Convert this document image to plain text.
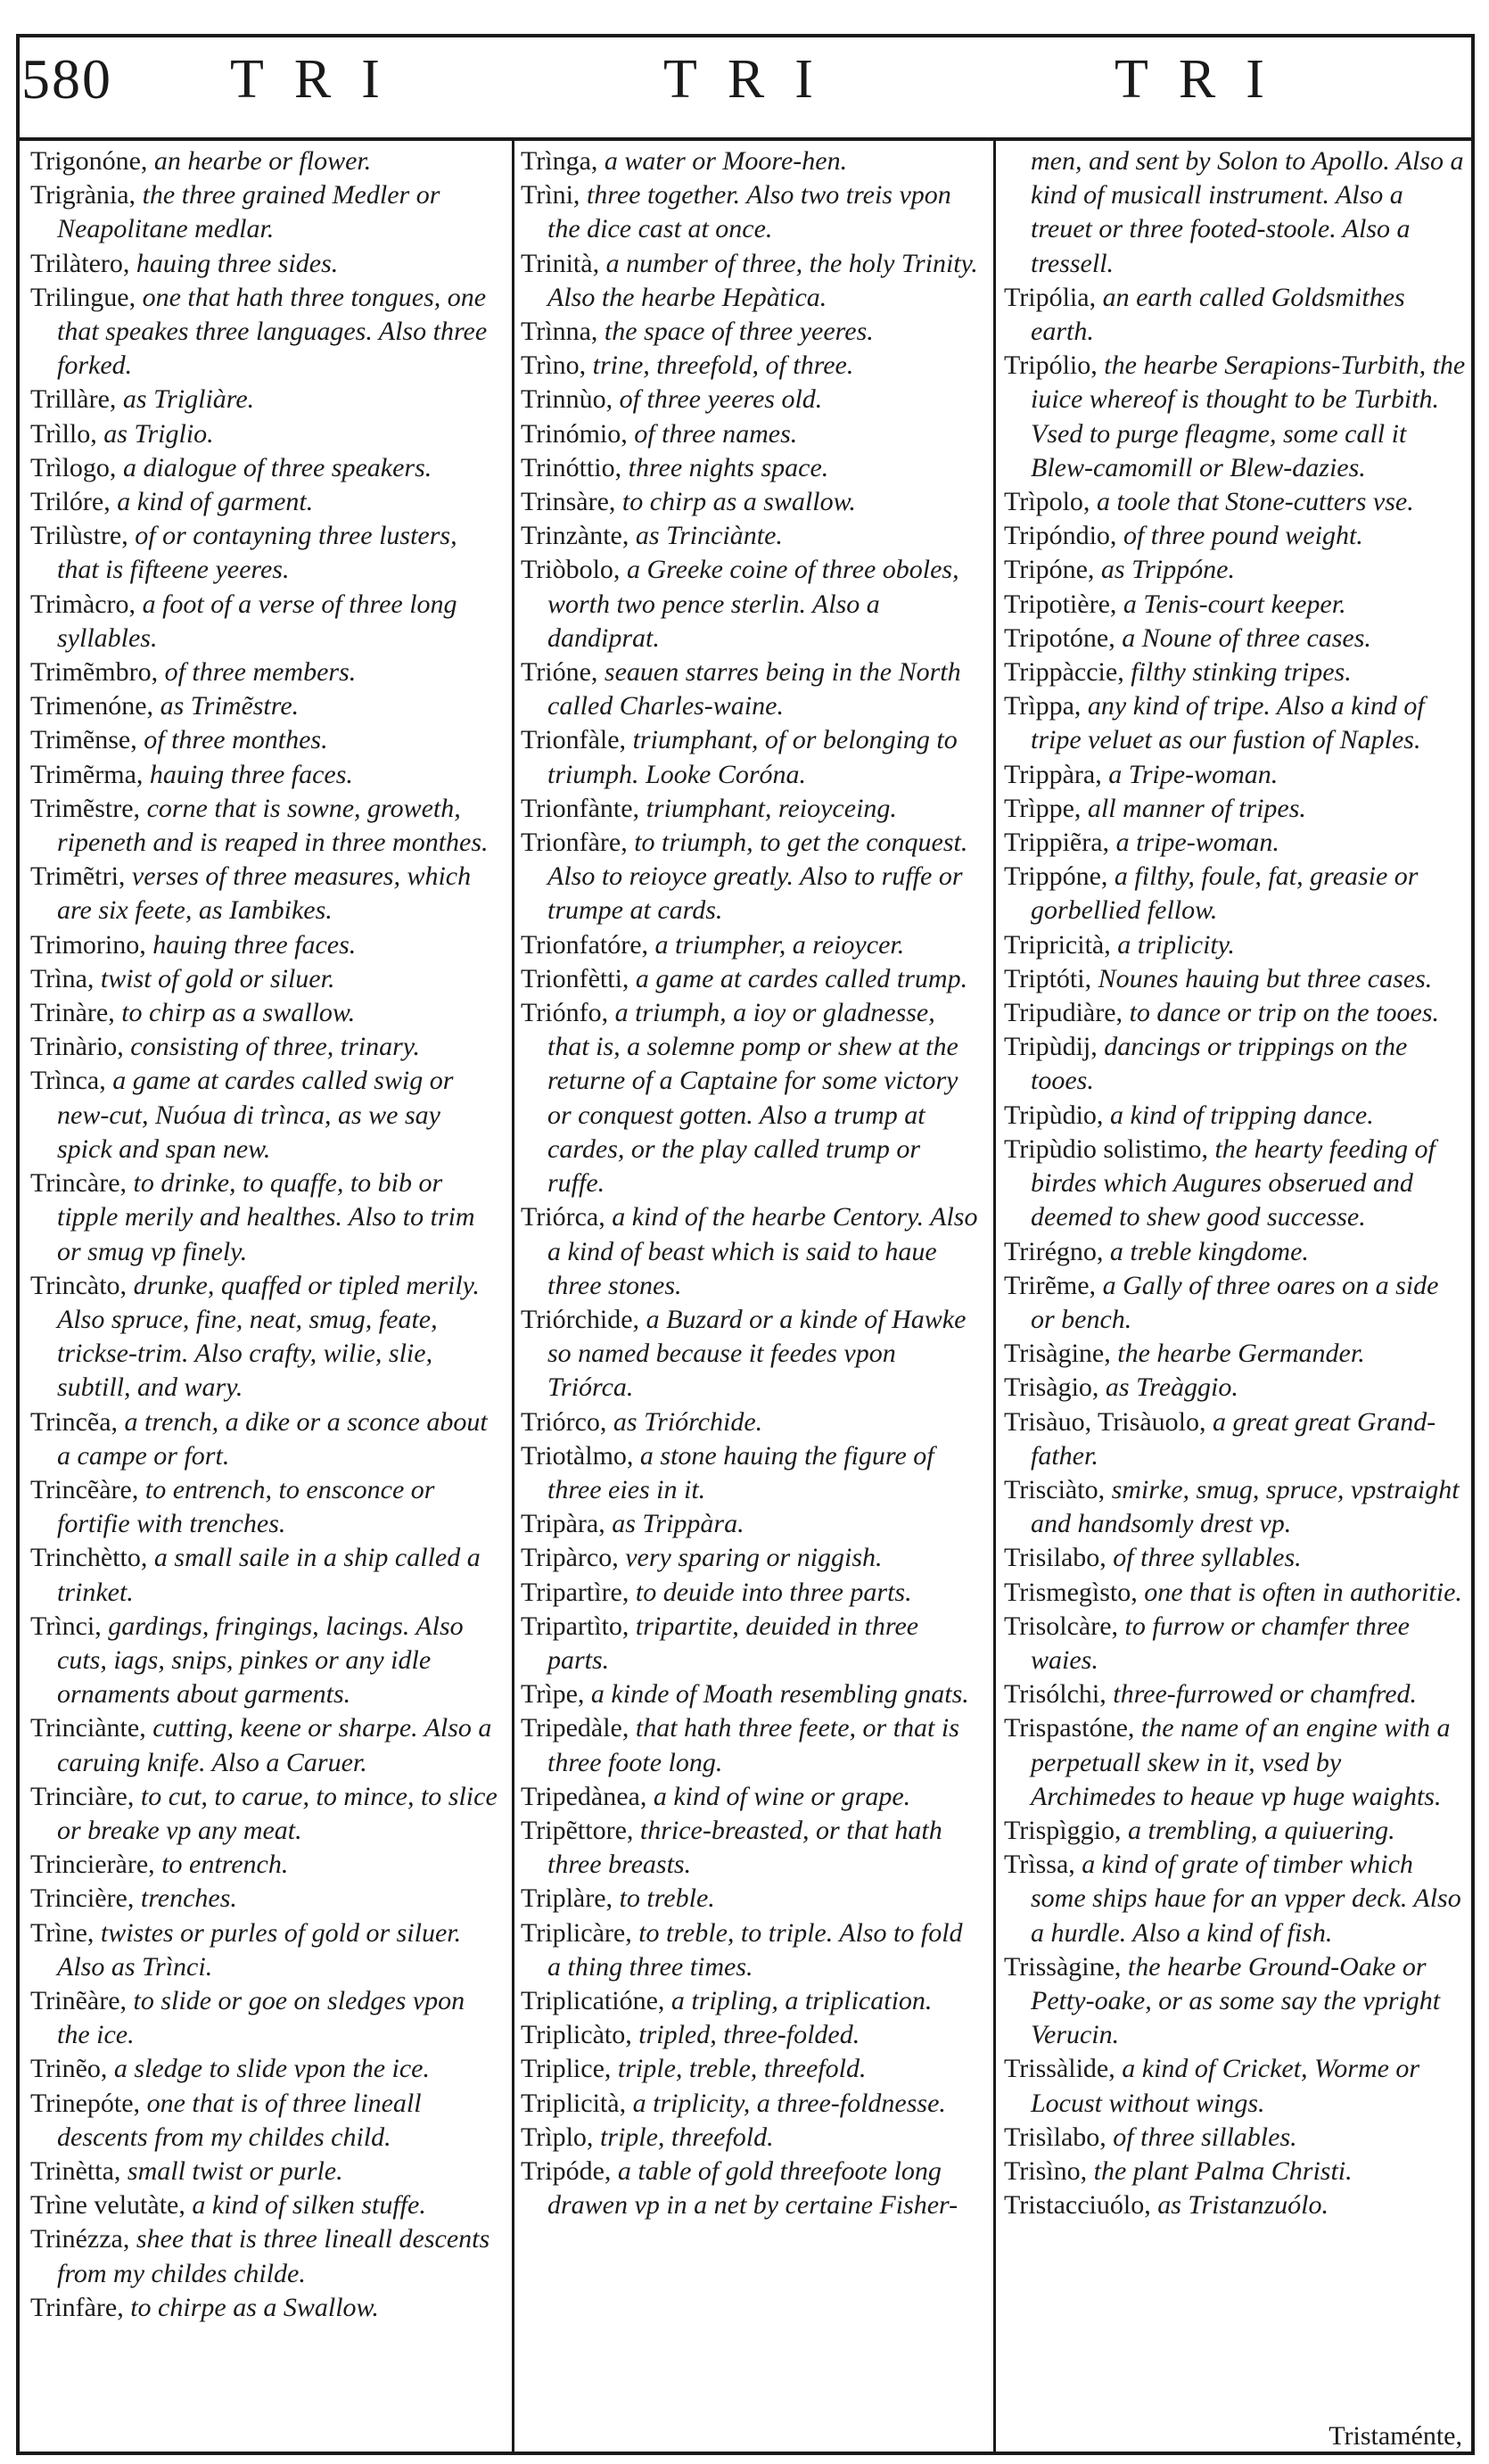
580 TRI	TRI	TRI

Trigonóne, an hearbe or flower.

Trigrània, the three grained Medler or Neapolitane medlar.

Trilàtero, hauing three sides.

Trilingue, one that hath three tongues, one that speakes three languages. Also three forked.

Trillàre, as Trigliàre.

Trìllo, as Triglio.

Trìlogo, a dialogue of three speakers.

Trilóre, a kind of garment.

Trilùstre, of or contayning three lusters, that is fifteene yeeres.

Trimàcro, a foot of a verse of three long syllables.

Trimẽmbro, of three members.

Trimenóne, as Trimẽstre.

Trimẽnse, of three monthes.

Trimẽrma, hauing three faces.

Trimẽstre, corne that is sowne, groweth, ripeneth and is reaped in three monthes.

Trimẽtri, verses of three measures, which are six feete, as Iambikes.

Trimorino, hauing three faces.

Trìna, twist of gold or siluer.

Trinàre, to chirp as a swallow.

Trinàrio, consisting of three, trinary.

Trìnca, a game at cardes called swig or new-cut, Nuóua di trìnca, as we say spick and span new.

Trincàre, to drinke, to quaffe, to bib or tipple merily and healthes. Also to trim or smug vp finely.

Trincàto, drunke, quaffed or tipled merily. Also spruce, fine, neat, smug, feate, trickse-trim. Also crafty, wilie, slie, subtill, and wary.

Trincẽa, a trench, a dike or a sconce about a campe or fort.

Trincẽàre, to entrench, to ensconce or fortifie with trenches.

Trinchètto, a small saile in a ship called a trinket.

Trìnci, gardings, fringings, lacings. Also cuts, iags, snips, pinkes or any idle ornaments about garments.

Trinciànte, cutting, keene or sharpe. Also a caruing knife. Also a Caruer.

Trinciàre, to cut, to carue, to mince, to slice or breake vp any meat.

Trincieràre, to entrench.

Trincière, trenches.

Trìne, twistes or purles of gold or siluer. Also as Trìnci.

Trinẽàre, to slide or goe on sledges vpon the ice.

Trinẽo, a sledge to slide vpon the ice.

Trinepóte, one that is of three lineall descents from my childes child.

Trinètta, small twist or purle.

Trìne velutàte, a kind of silken stuffe.

Trinézza, shee that is three lineall descents from my childes childe.

Trinfàre, to chirpe as a Swallow.

Trìnga, a water or Moore-hen.

Trìni, three together. Also two treis vpon the dice cast at once.

Trinità, a number of three, the holy Trinity. Also the hearbe Hepàtica.

Trìnna, the space of three yeeres.

Trìno, trine, threefold, of three.

Trinnùo, of three yeeres old.

Trinómio, of three names.

Trinóttio, three nights space.

Trinsàre, to chirp as a swallow.

Trinzànte, as Trinciànte.

Triòbolo, a Greeke coine of three oboles, worth two pence sterlin. Also a dandiprat.

Trióne, seauen starres being in the North called Charles-waine.

Trionfàle, triumphant, of or belonging to triumph. Looke Coróna.

Trionfànte, triumphant, reioyceing.

Trionfàre, to triumph, to get the conquest. Also to reioyce greatly. Also to ruffe or trumpe at cards.

Trionfatóre, a triumpher, a reioycer.

Trionfètti, a game at cardes called trump.

Triónfo, a triumph, a ioy or gladnesse, that is, a solemne pomp or shew at the returne of a Captaine for some victory or conquest gotten. Also a trump at cardes, or the play called trump or ruffe.

Triórca, a kind of the hearbe Centory. Also a kind of beast which is said to haue three stones.

Triórchide, a Buzard or a kinde of Hawke so named because it feedes vpon Triórca.

Triórco, as Triórchide.

Triotàlmo, a stone hauing the figure of three eies in it.

Tripàra, as Trippàra.

Tripàrco, very sparing or niggish.

Tripartìre, to deuide into three parts.

Tripartìto, tripartite, deuided in three parts.

Trìpe, a kinde of Moath resembling gnats.

Tripedàle, that hath three feete, or that is three foote long.

Tripedànea, a kind of wine or grape.

Tripẽttore, thrice-breasted, or that hath three breasts.

Triplàre, to treble.

Triplicàre, to treble, to triple. Also to fold a thing three times.

Triplicatióne, a tripling, a triplication.

Triplicàto, tripled, three-folded.

Triplice, triple, treble, threefold.

Triplicità, a triplicity, a three-foldnesse.

Trìplo, triple, threefold.

Tripóde, a table of gold threefoote long drawen vp in a net by certaine Fisher-

men, and sent by Solon to Apollo. Also a kind of musicall instrument. Also a treuet or three footed-stoole. Also a tressell.

Tripólia, an earth called Goldsmithes earth.

Tripólio, the hearbe Serapions-Turbith, the iuice whereof is thought to be Turbith. Vsed to purge fleagme, some call it Blew-camomill or Blew-dazies.

Trìpolo, a toole that Stone-cutters vse.

Tripóndio, of three pound weight.

Tripóne, as Trippóne.

Tripotière, a Tenis-court keeper.

Tripotóne, a Noune of three cases.

Trippàccie, filthy stinking tripes.

Trìppa, any kind of tripe. Also a kind of tripe veluet as our fustion of Naples.

Trippàra, a Tripe-woman.

Trìppe, all manner of tripes.

Trippiẽra, a tripe-woman.

Trippóne, a filthy, foule, fat, greasie or gorbellied fellow.

Tripricità, a triplicity.

Triptóti, Nounes hauing but three cases.

Tripudiàre, to dance or trip on the tooes.

Tripùdij, dancings or trippings on the tooes.

Tripùdio, a kind of tripping dance.

Tripùdio solistimo, the hearty feeding of birdes which Augures obserued and deemed to shew good successe.

Trirégno, a treble kingdome.

Trirẽme, a Gally of three oares on a side or bench.

Trisàgine, the hearbe Germander.

Trisàgio, as Treàggio.

Trisàuo, Trisàuolo, a great great Grand-father.

Trisciàto, smirke, smug, spruce, vpstraight and handsomly drest vp.

Trisilabo, of three syllables.

Trismegìsto, one that is often in authoritie.

Trisolcàre, to furrow or chamfer three waies.

Trisólchi, three-furrowed or chamfred.

Trispastóne, the name of an engine with a perpetuall skew in it, vsed by Archimedes to heaue vp huge waights.

Trispìggio, a trembling, a quiuering.

Trìssa, a kind of grate of timber which some ships haue for an vpper deck. Also a hurdle. Also a kind of fish.

Trissàgine, the hearbe Ground-Oake or Petty-oake, or as some say the vpright Verucin.

Trissàlide, a kind of Cricket, Worme or Locust without wings.

Trisìlabo, of three sillables.

Trisìno, the plant Palma Christi.

Tristacciuólo, as Tristanzuólo.

Tristaménte,
